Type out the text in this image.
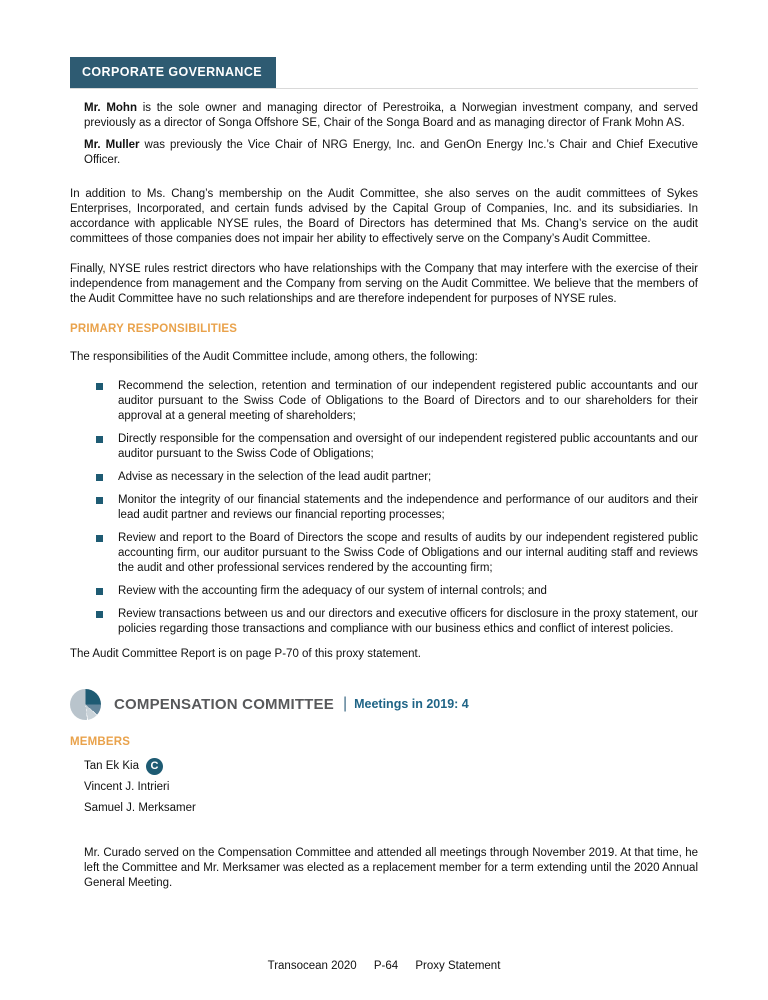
CORPORATE GOVERNANCE

Mr. Mohn is the sole owner and managing director of Perestroika, a Norwegian investment company, and served previously as a director of Songa Offshore SE, Chair of the Songa Board and as managing director of Frank Mohn AS.

Mr. Muller was previously the Vice Chair of NRG Energy, Inc. and GenOn Energy Inc.’s Chair and Chief Executive Officer.

In addition to Ms. Chang’s membership on the Audit Committee, she also serves on the audit committees of Sykes Enterprises, Incorporated, and certain funds advised by the Capital Group of Companies, Inc. and its subsidiaries. In accordance with applicable NYSE rules, the Board of Directors has determined that Ms. Chang’s service on the audit committees of those companies does not impair her ability to effectively serve on the Company’s Audit Committee.

Finally, NYSE rules restrict directors who have relationships with the Company that may interfere with the exercise of their independence from management and the Company from serving on the Audit Committee. We believe that the members of the Audit Committee have no such relationships and are therefore independent for purposes of NYSE rules.

PRIMARY RESPONSIBILITIES

The responsibilities of the Audit Committee include, among others, the following:

Recommend the selection, retention and termination of our independent registered public accountants and our auditor pursuant to the Swiss Code of Obligations to the Board of Directors and to our shareholders for their approval at a general meeting of shareholders;
Directly responsible for the compensation and oversight of our independent registered public accountants and our auditor pursuant to the Swiss Code of Obligations;
Advise as necessary in the selection of the lead audit partner;
Monitor the integrity of our financial statements and the independence and performance of our auditors and their lead audit partner and reviews our financial reporting processes;
Review and report to the Board of Directors the scope and results of audits by our independent registered public accounting firm, our auditor pursuant to the Swiss Code of Obligations and our internal auditing staff and reviews the audit and other professional services rendered by the accounting firm;
Review with the accounting firm the adequacy of our system of internal controls; and
Review transactions between us and our directors and executive officers for disclosure in the proxy statement, our policies regarding those transactions and compliance with our business ethics and conflict of interest policies.

The Audit Committee Report is on page P-70 of this proxy statement.

COMPENSATION COMMITTEE | Meetings in 2019: 4
MEMBERS
Tan Ek Kia	C
Vincent J. Intrieri
Samuel J. Merksamer

Mr. Curado served on the Compensation Committee and attended all meetings through November 2019. At that time, he left the Committee and Mr. Merksamer was elected as a replacement member for a term extending until the 2020 Annual General Meeting.

Transocean 2020 P-64 Proxy Statement
